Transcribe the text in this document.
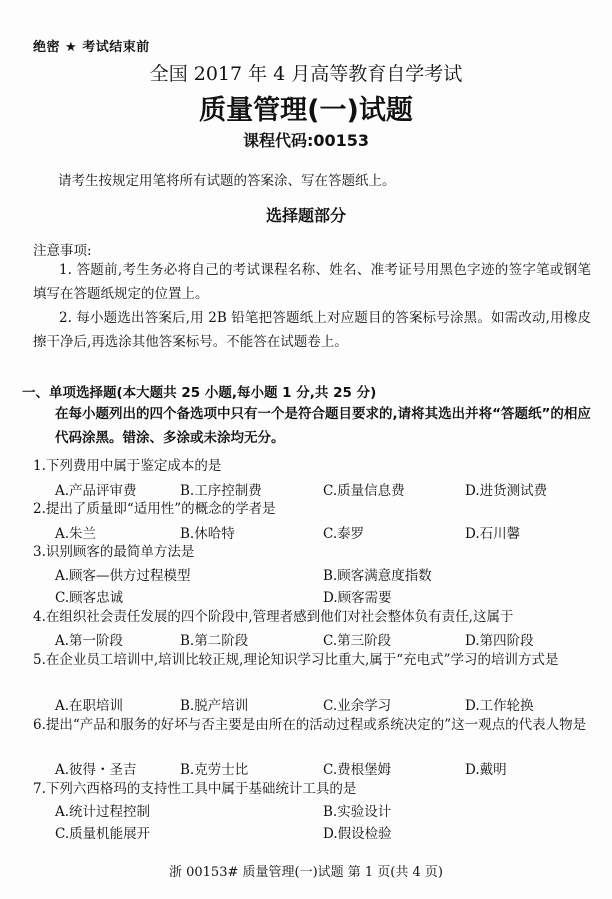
绝密 ★ 考试结束前
全国 2017 年 4 月高等教育自学考试
质量管理(一)试题
课程代码:00153
请考生按规定用笔将所有试题的答案涂、写在答题纸上。
选择题部分
注意事项:
1. 答题前,考生务必将自己的考试课程名称、姓名、准考证号用黑色字迹的签字笔或钢笔填写在答题纸规定的位置上。
2. 每小题选出答案后,用 2B 铅笔把答题纸上对应题目的答案标号涂黑。如需改动,用橡皮擦干净后,再选涂其他答案标号。不能答在试题卷上。
一、单项选择题(本大题共 25 小题,每小题 1 分,共 25 分)
在每小题列出的四个备选项中只有一个是符合题目要求的,请将其选出并将“答题纸”的相应代码涂黑。错涂、多涂或未涂均无分。
1.下列费用中属于鉴定成本的是
A.产品评审费	B.工序控制费	C.质量信息费	D.进货测试费
2.提出了质量即“适用性”的概念的学者是
A.朱兰	B.休哈特	C.泰罗	D.石川馨
3.识别顾客的最简单方法是
A.顾客—供方过程模型	B.顾客满意度指数
C.顾客忠诚	D.顾客需要
4.在组织社会责任发展的四个阶段中,管理者感到他们对社会整体负有责任,这属于
A.第一阶段	B.第二阶段	C.第三阶段	D.第四阶段
5.在企业员工培训中,培训比较正规,理论知识学习比重大,属于“充电式”学习的培训方式是
A.在职培训	B.脱产培训	C.业余学习	D.工作轮换
6.提出“产品和服务的好坏与否主要是由所在的活动过程或系统决定的”这一观点的代表人物是
A.彼得・圣吉	B.克劳士比	C.费根堡姆	D.戴明
7.下列六西格玛的支持性工具中属于基础统计工具的是
A.统计过程控制	B.实验设计
C.质量机能展开	D.假设检验
浙 00153# 质量管理(一)试题 第 1 页(共 4 页)
